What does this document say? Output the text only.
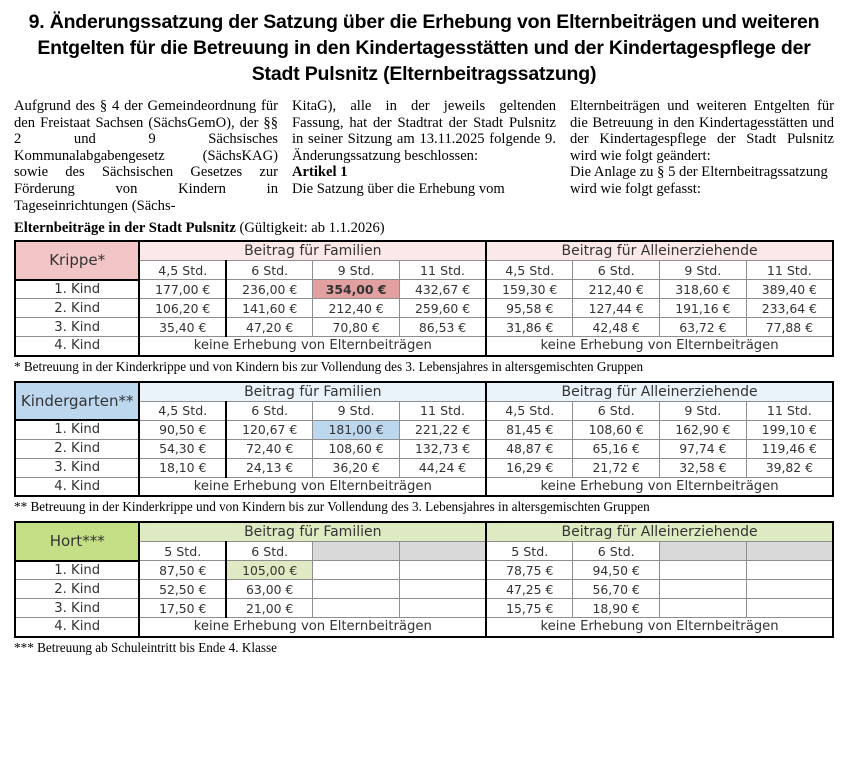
9. Änderungssatzung der Satzung über die Erhebung von Elternbeiträgen und weiteren Entgelten für die Betreuung in den Kindertagesstätten und der Kindertagespflege der Stadt Pulsnitz (Elternbeitragssatzung)

Aufgrund des § 4 der Gemeindeordnung für den Freistaat Sachsen (SächsGemO), der §§ 2 und 9 Sächsisches Kommunalabgabengesetz (SächsKAG) sowie des Sächsischen Gesetzes zur Förderung von Kindern in Tageseinrichtungen (Sächs-

KitaG), alle in der jeweils geltenden Fassung, hat der Stadtrat der Stadt Pulsnitz in seiner Sitzung am 13.11.2025 folgende 9. Änderungssatzung beschlossen:

Artikel 1

Die Satzung über die Erhebung vom

Elternbeiträgen und weiteren Entgelten für die Betreuung in den Kindertagesstätten und der Kindertagespflege der Stadt Pulsnitz wird wie folgt geändert:

Die Anlage zu § 5 der Elternbeitragssatzung wird wie folgt gefasst:

Elternbeiträge in der Stadt Pulsnitz (Gültigkeit: ab 1.1.2026)
Krippe*	Beitrag für Familien				Beitrag für Alleinerziehende			
	4,5 Std.	6 Std.	9 Std.	11 Std.	4,5 Std.	6 Std.	9 Std.	11 Std.
1. Kind	177,00 €	236,00 €	354,00 €	432,67 €	159,30 €	212,40 €	318,60 €	389,40 €
2. Kind	106,20 €	141,60 €	212,40 €	259,60 €	95,58 €	127,44 €	191,16 €	233,64 €
3. Kind	35,40 €	47,20 €	70,80 €	86,53 €	31,86 €	42,48 €	63,72 €	77,88 €
4. Kind	keine Erhebung von Elternbeiträgen				keine Erhebung von Elternbeiträgen			
* Betreuung in der Kinderkrippe und von Kindern bis zur Vollendung des 3. Lebensjahres in altersgemischten Gruppen
Kindergarten**	Beitrag für Familien				Beitrag für Alleinerziehende			
	4,5 Std.	6 Std.	9 Std.	11 Std.	4,5 Std.	6 Std.	9 Std.	11 Std.
1. Kind	90,50 €	120,67 €	181,00 €	221,22 €	81,45 €	108,60 €	162,90 €	199,10 €
2. Kind	54,30 €	72,40 €	108,60 €	132,73 €	48,87 €	65,16 €	97,74 €	119,46 €
3. Kind	18,10 €	24,13 €	36,20 €	44,24 €	16,29 €	21,72 €	32,58 €	39,82 €
4. Kind	keine Erhebung von Elternbeiträgen				keine Erhebung von Elternbeiträgen			
** Betreuung in der Kinderkrippe und von Kindern bis zur Vollendung des 3. Lebensjahres in altersgemischten Gruppen
Hort***	Beitrag für Familien				Beitrag für Alleinerziehende			
	5 Std.	6 Std.			5 Std.	6 Std.		
1. Kind	87,50 €	105,00 €			78,75 €	94,50 €		
2. Kind	52,50 €	63,00 €			47,25 €	56,70 €		
3. Kind	17,50 €	21,00 €			15,75 €	18,90 €		
4. Kind	keine Erhebung von Elternbeiträgen				keine Erhebung von Elternbeiträgen			
*** Betreuung ab Schuleintritt bis Ende 4. Klasse
